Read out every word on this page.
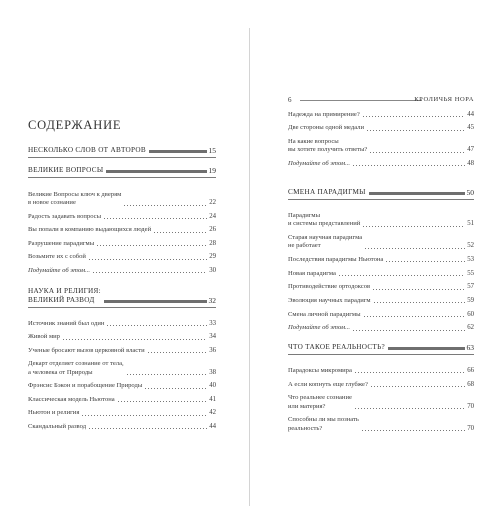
СОДЕРЖАНИЕ
НЕСКОЛЬКО СЛОВ ОТ АВТОРОВ	15
ВЕЛИКИЕ ВОПРОСЫ	19
Великие Вопросы ключ к дверям
в новое сознание	22
Радость задавать вопросы	24
Вы попали в компанию выдающихся людей	26
Разрушение парадигмы	28
Возьмите их с собой	29
Подумайте об этом...	30
НАУКА И РЕЛИГИЯ:
ВЕЛИКИЙ РАЗВОД	32
Источник знаний был один	33
Живой мир	34
Ученые бросают вызов церковной власти	36
Декарт отделяет сознание от тела,
а человека от Природы	38
Фрэнсис Бэкон и порабощение Природы	40
Классическая модель Ньютона	41
Ньютон и религия	42
Скандальный развод	44
6	КРОЛИЧЬЯ НОРА
Надежда на примирение?	44
Две стороны одной медали	45
На какие вопросы
вы хотите получить ответы?	47
Подумайте об этом...	48
СМЕНА ПАРАДИГМЫ	50
Парадигмы
и системы представлений	51
Старая научная парадигма
не работает	52
Последствия парадигмы Ньютона	53
Новая парадигма	55
Противодействие ортодоксов	57
Эволюция научных парадигм	59
Смена личной парадигмы	60
Подумайте об этом...	62
ЧТО ТАКОЕ РЕАЛЬНОСТЬ?	63
Парадоксы микромира	66
А если копнуть еще глубже?	68
Что реальнее сознание
или материя?	70
Способны ли мы познать
реальность?	70
